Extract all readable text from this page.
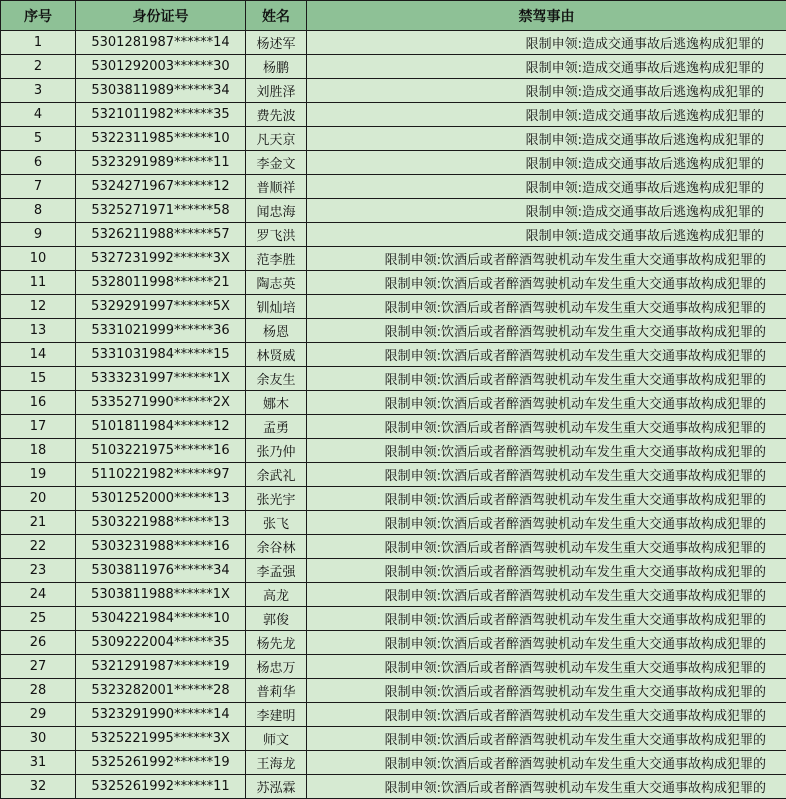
序号	身份证号	姓名	禁驾事由
1	5301281987******14	杨述军	限制申领:造成交通事故后逃逸构成犯罪的
2	5301292003******30	杨鹏	限制申领:造成交通事故后逃逸构成犯罪的
3	5303811989******34	刘胜泽	限制申领:造成交通事故后逃逸构成犯罪的
4	5321011982******35	费先波	限制申领:造成交通事故后逃逸构成犯罪的
5	5322311985******10	凡天京	限制申领:造成交通事故后逃逸构成犯罪的
6	5323291989******11	李金文	限制申领:造成交通事故后逃逸构成犯罪的
7	5324271967******12	普顺祥	限制申领:造成交通事故后逃逸构成犯罪的
8	5325271971******58	闻忠海	限制申领:造成交通事故后逃逸构成犯罪的
9	5326211988******57	罗飞洪	限制申领:造成交通事故后逃逸构成犯罪的
10	5327231992******3X	范李胜	限制申领:饮酒后或者醉酒驾驶机动车发生重大交通事故构成犯罪的
11	5328011998******21	陶志英	限制申领:饮酒后或者醉酒驾驶机动车发生重大交通事故构成犯罪的
12	5329291997******5X	钏灿培	限制申领:饮酒后或者醉酒驾驶机动车发生重大交通事故构成犯罪的
13	5331021999******36	杨恩	限制申领:饮酒后或者醉酒驾驶机动车发生重大交通事故构成犯罪的
14	5331031984******15	林贤威	限制申领:饮酒后或者醉酒驾驶机动车发生重大交通事故构成犯罪的
15	5333231997******1X	余友生	限制申领:饮酒后或者醉酒驾驶机动车发生重大交通事故构成犯罪的
16	5335271990******2X	娜木	限制申领:饮酒后或者醉酒驾驶机动车发生重大交通事故构成犯罪的
17	5101811984******12	孟勇	限制申领:饮酒后或者醉酒驾驶机动车发生重大交通事故构成犯罪的
18	5103221975******16	张乃仲	限制申领:饮酒后或者醉酒驾驶机动车发生重大交通事故构成犯罪的
19	5110221982******97	余武礼	限制申领:饮酒后或者醉酒驾驶机动车发生重大交通事故构成犯罪的
20	5301252000******13	张光宇	限制申领:饮酒后或者醉酒驾驶机动车发生重大交通事故构成犯罪的
21	5303221988******13	张飞	限制申领:饮酒后或者醉酒驾驶机动车发生重大交通事故构成犯罪的
22	5303231988******16	余谷林	限制申领:饮酒后或者醉酒驾驶机动车发生重大交通事故构成犯罪的
23	5303811976******34	李孟强	限制申领:饮酒后或者醉酒驾驶机动车发生重大交通事故构成犯罪的
24	5303811988******1X	高龙	限制申领:饮酒后或者醉酒驾驶机动车发生重大交通事故构成犯罪的
25	5304221984******10	郭俊	限制申领:饮酒后或者醉酒驾驶机动车发生重大交通事故构成犯罪的
26	5309222004******35	杨先龙	限制申领:饮酒后或者醉酒驾驶机动车发生重大交通事故构成犯罪的
27	5321291987******19	杨忠万	限制申领:饮酒后或者醉酒驾驶机动车发生重大交通事故构成犯罪的
28	5323282001******28	普莉华	限制申领:饮酒后或者醉酒驾驶机动车发生重大交通事故构成犯罪的
29	5323291990******14	李建明	限制申领:饮酒后或者醉酒驾驶机动车发生重大交通事故构成犯罪的
30	5325221995******3X	师文	限制申领:饮酒后或者醉酒驾驶机动车发生重大交通事故构成犯罪的
31	5325261992******19	王海龙	限制申领:饮酒后或者醉酒驾驶机动车发生重大交通事故构成犯罪的
32	5325261992******11	苏泓霖	限制申领:饮酒后或者醉酒驾驶机动车发生重大交通事故构成犯罪的
